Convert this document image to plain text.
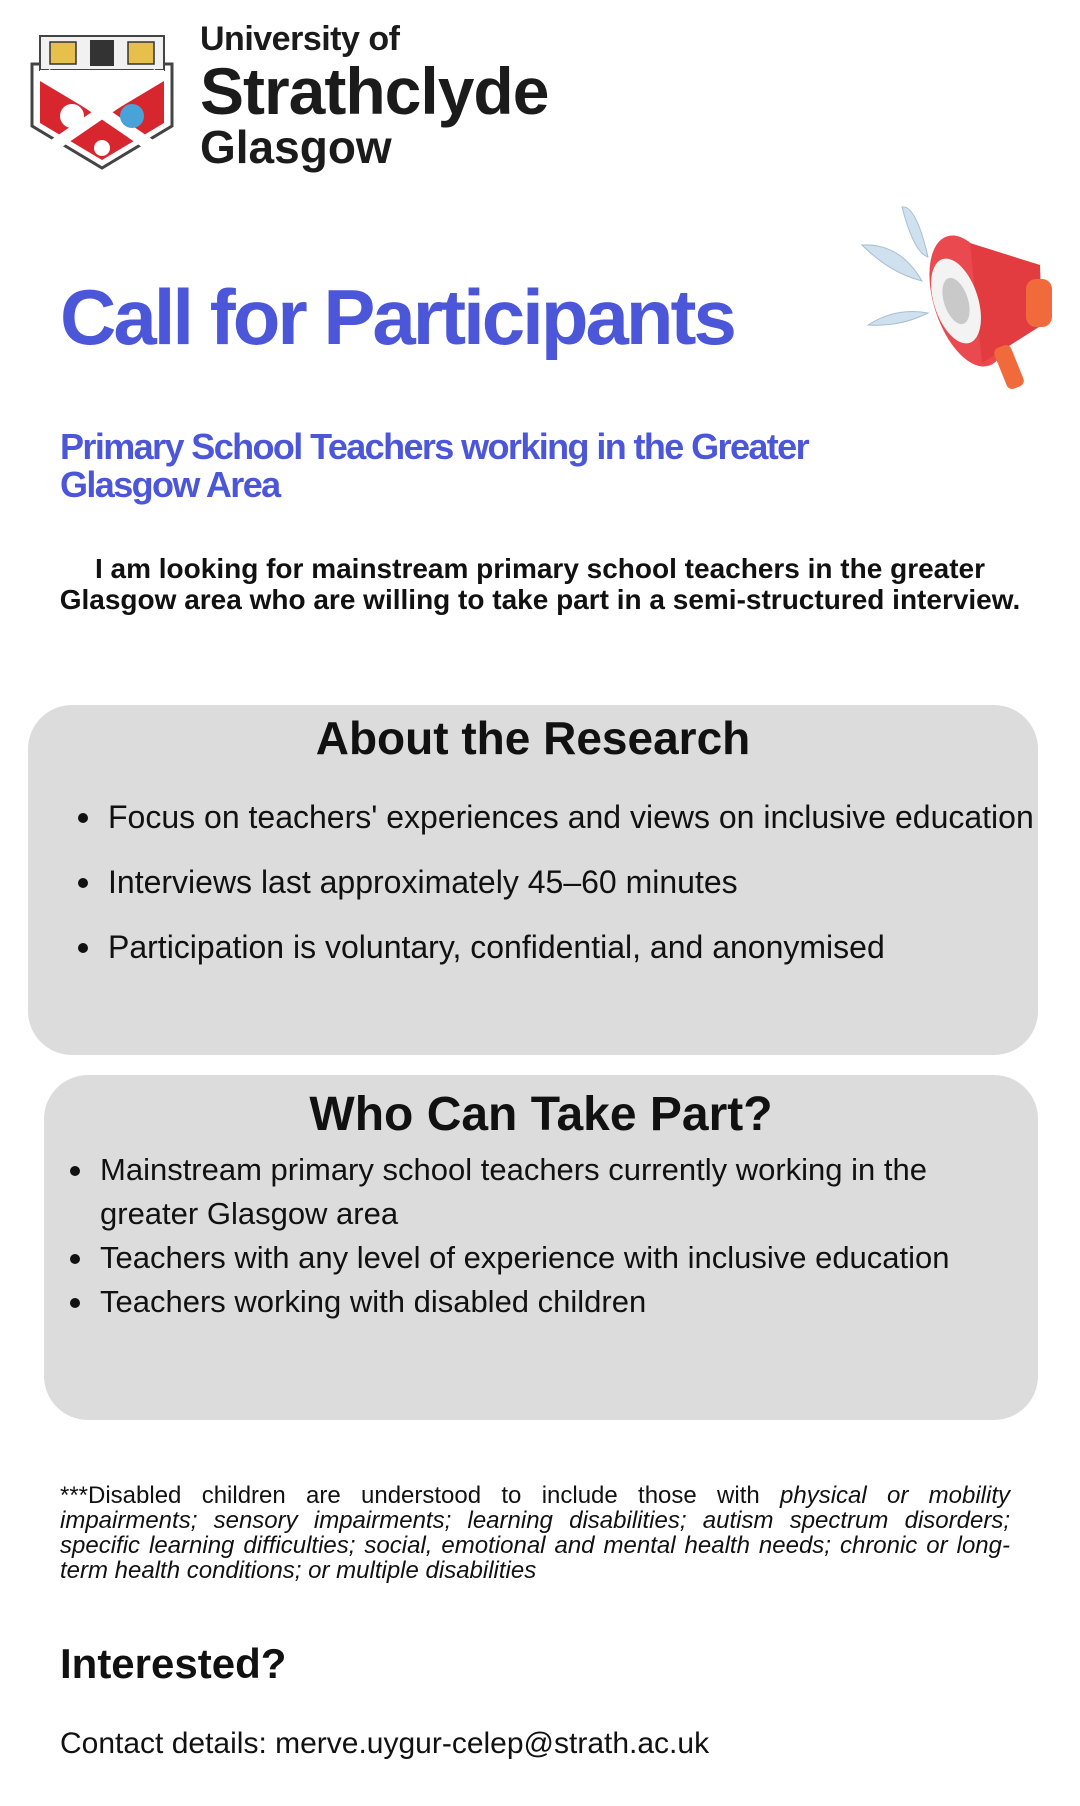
University of
Strathclyde
Glasgow
Call for Participants
Primary School Teachers working in the Greater Glasgow Area
I am looking for mainstream primary school teachers in the greater Glasgow area who are willing to take part in a semi-structured interview.
About the Research
Focus on teachers' experiences and views on inclusive education
Interviews last approximately 45–60 minutes
Participation is voluntary, confidential, and anonymised
Who Can Take Part?
Mainstream primary school teachers currently working in the greater Glasgow area
Teachers with any level of experience with inclusive education
Teachers working with disabled children
***Disabled children are understood to include those with physical or mobility impairments; sensory impairments; learning disabilities; autism spectrum disorders; specific learning difficulties; social, emotional and mental health needs; chronic or long-term health conditions; or multiple disabilities
Interested?
Contact details: merve.uygur-celep@strath.ac.uk
